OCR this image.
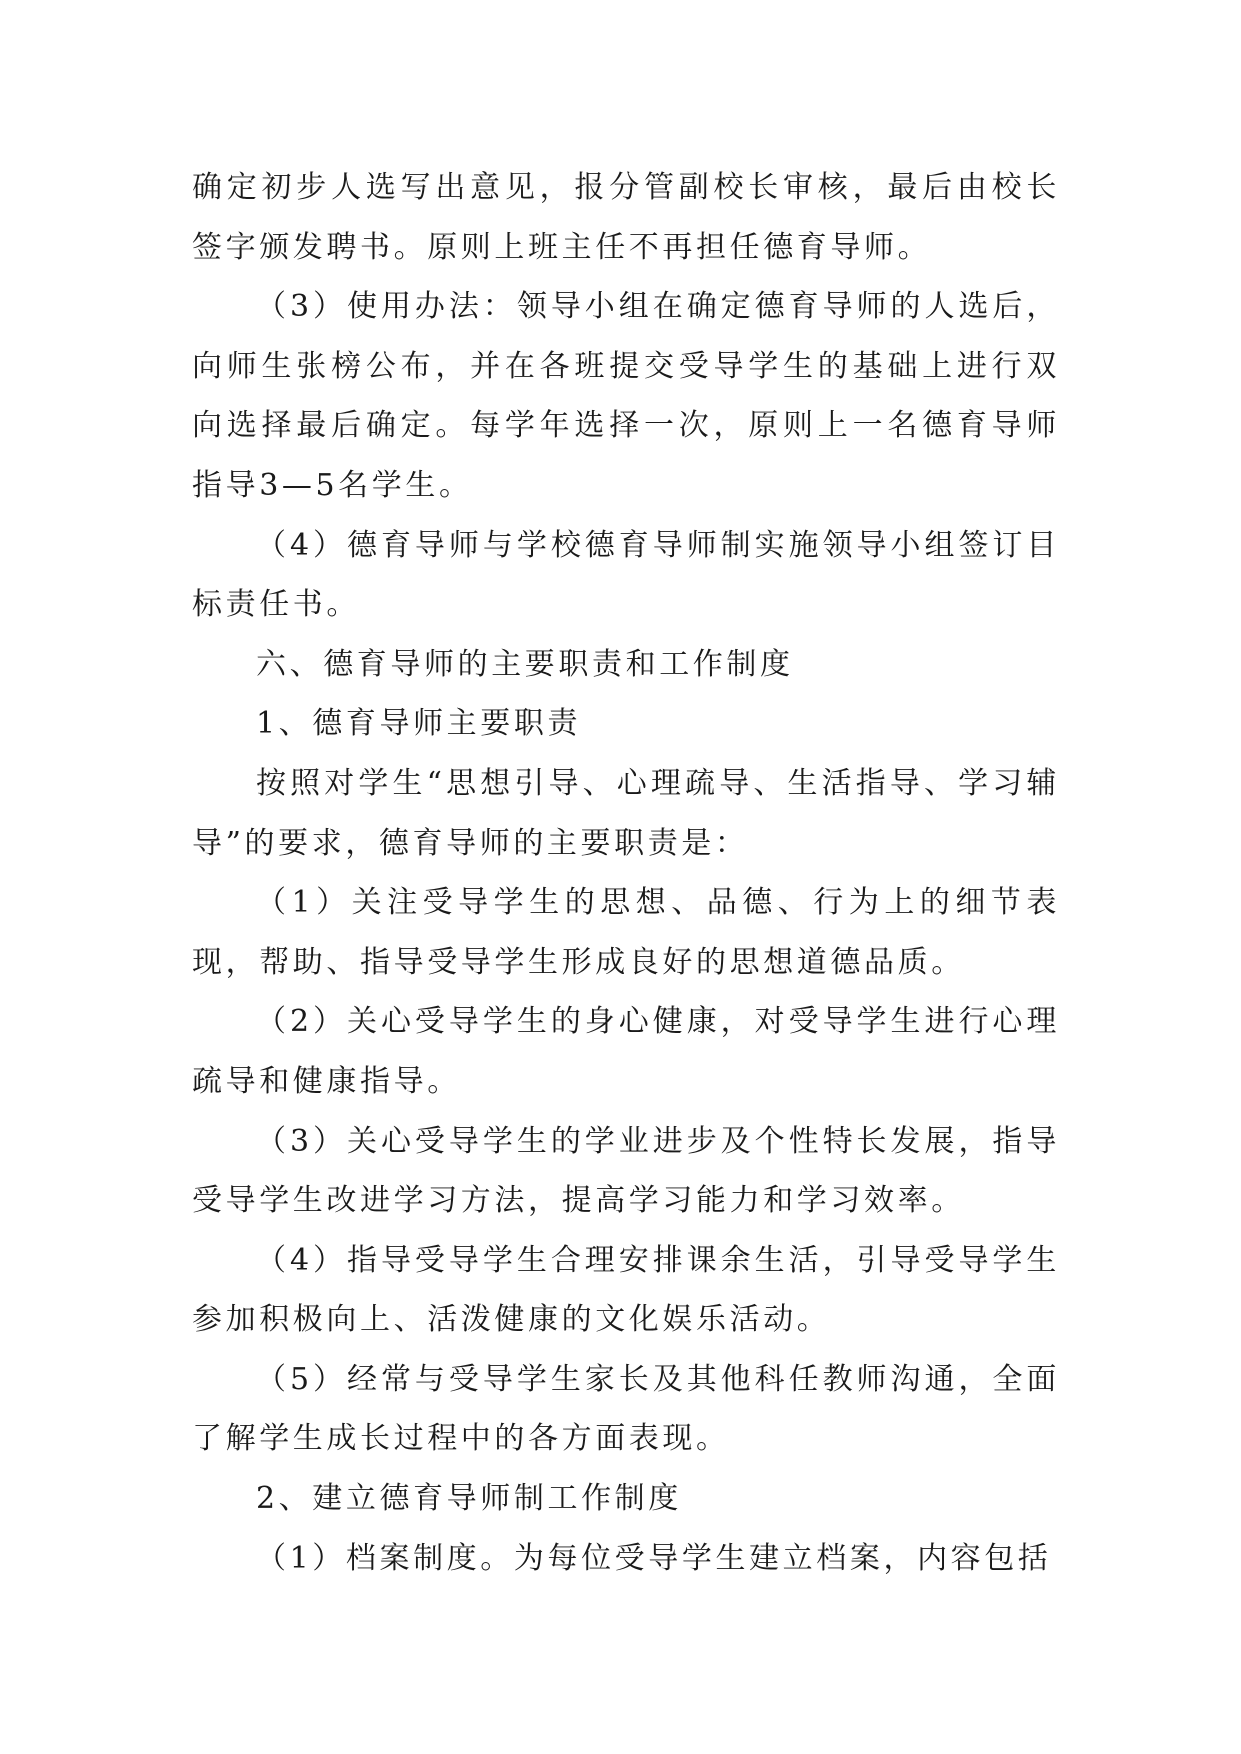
确定初步人选写出意见，报分管副校长审核，最后由校长签字颁发聘书。原则上班主任不再担任德育导师。

（3）使用办法：领导小组在确定德育导师的人选后，向师生张榜公布，并在各班提交受导学生的基础上进行双向选择最后确定。每学年选择一次，原则上一名德育导师指导3—5名学生。

（4）德育导师与学校德育导师制实施领导小组签订目标责任书。

六、德育导师的主要职责和工作制度

1、德育导师主要职责

按照对学生“思想引导、心理疏导、生活指导、学习辅导”的要求，德育导师的主要职责是：

（1）关注受导学生的思想、品德、行为上的细节表现，帮助、指导受导学生形成良好的思想道德品质。

（2）关心受导学生的身心健康，对受导学生进行心理疏导和健康指导。

（3）关心受导学生的学业进步及个性特长发展，指导受导学生改进学习方法，提高学习能力和学习效率。

（4）指导受导学生合理安排课余生活，引导受导学生参加积极向上、活泼健康的文化娱乐活动。

（5）经常与受导学生家长及其他科任教师沟通，全面了解学生成长过程中的各方面表现。

2、建立德育导师制工作制度

（1）档案制度。为每位受导学生建立档案，内容包括
